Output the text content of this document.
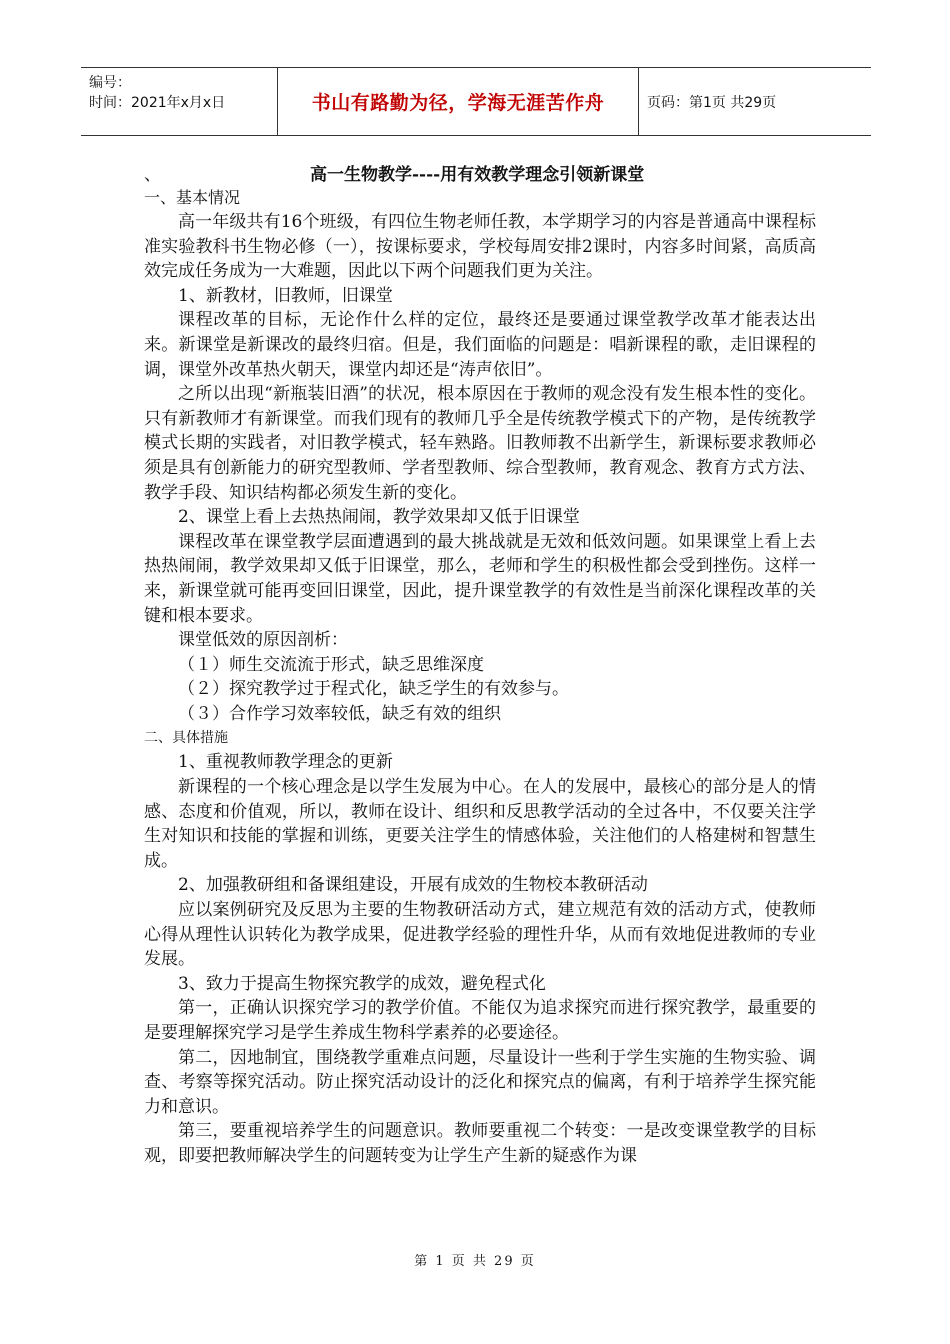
编号：
时间：2021年x月x日	书山有路勤为径，学海无涯苦作舟	页码：第1页 共29页
、	高一生物教学----用有效教学理念引领新课堂

一、基本情况

高一年级共有16个班级，有四位生物老师任教，本学期学习的内容是普通高中课程标准实验教科书生物必修（一），按课标要求，学校每周安排2课时，内容多时间紧，高质高效完成任务成为一大难题，因此以下两个问题我们更为关注。

1、新教材，旧教师，旧课堂

课程改革的目标，无论作什么样的定位，最终还是要通过课堂教学改革才能表达出来。新课堂是新课改的最终归宿。但是，我们面临的问题是：唱新课程的歌，走旧课程的调，课堂外改革热火朝天，课堂内却还是“涛声依旧”。

之所以出现“新瓶装旧酒”的状况，根本原因在于教师的观念没有发生根本性的变化。只有新教师才有新课堂。而我们现有的教师几乎全是传统教学模式下的产物，是传统教学模式长期的实践者，对旧教学模式，轻车熟路。旧教师教不出新学生，新课标要求教师必须是具有创新能力的研究型教师、学者型教师、综合型教师，教育观念、教育方式方法、教学手段、知识结构都必须发生新的变化。

2、课堂上看上去热热闹闹，教学效果却又低于旧课堂

课程改革在课堂教学层面遭遇到的最大挑战就是无效和低效问题。如果课堂上看上去热热闹闹，教学效果却又低于旧课堂，那么，老师和学生的积极性都会受到挫伤。这样一来，新课堂就可能再变回旧课堂，因此，提升课堂教学的有效性是当前深化课程改革的关键和根本要求。

课堂低效的原因剖析：

（１）师生交流流于形式，缺乏思维深度

（２）探究教学过于程式化，缺乏学生的有效参与。

（３）合作学习效率较低，缺乏有效的组织

二、具体措施

1、重视教师教学理念的更新

新课程的一个核心理念是以学生发展为中心。在人的发展中，最核心的部分是人的情感、态度和价值观，所以，教师在设计、组织和反思教学活动的全过各中，不仅要关注学生对知识和技能的掌握和训练，更要关注学生的情感体验，关注他们的人格建树和智慧生成。

2、加强教研组和备课组建设，开展有成效的生物校本教研活动

应以案例研究及反思为主要的生物教研活动方式，建立规范有效的活动方式，使教师心得从理性认识转化为教学成果，促进教学经验的理性升华，从而有效地促进教师的专业发展。

3、致力于提高生物探究教学的成效，避免程式化

第一，正确认识探究学习的教学价值。不能仅为追求探究而进行探究教学，最重要的是要理解探究学习是学生养成生物科学素养的必要途径。

第二，因地制宜，围绕教学重难点问题，尽量设计一些利于学生实施的生物实验、调查、考察等探究活动。防止探究活动设计的泛化和探究点的偏离，有利于培养学生探究能力和意识。

第三，要重视培养学生的问题意识。教师要重视二个转变：一是改变课堂教学的目标观，即要把教师解决学生的问题转变为让学生产生新的疑惑作为课

第 1 页 共 29 页
